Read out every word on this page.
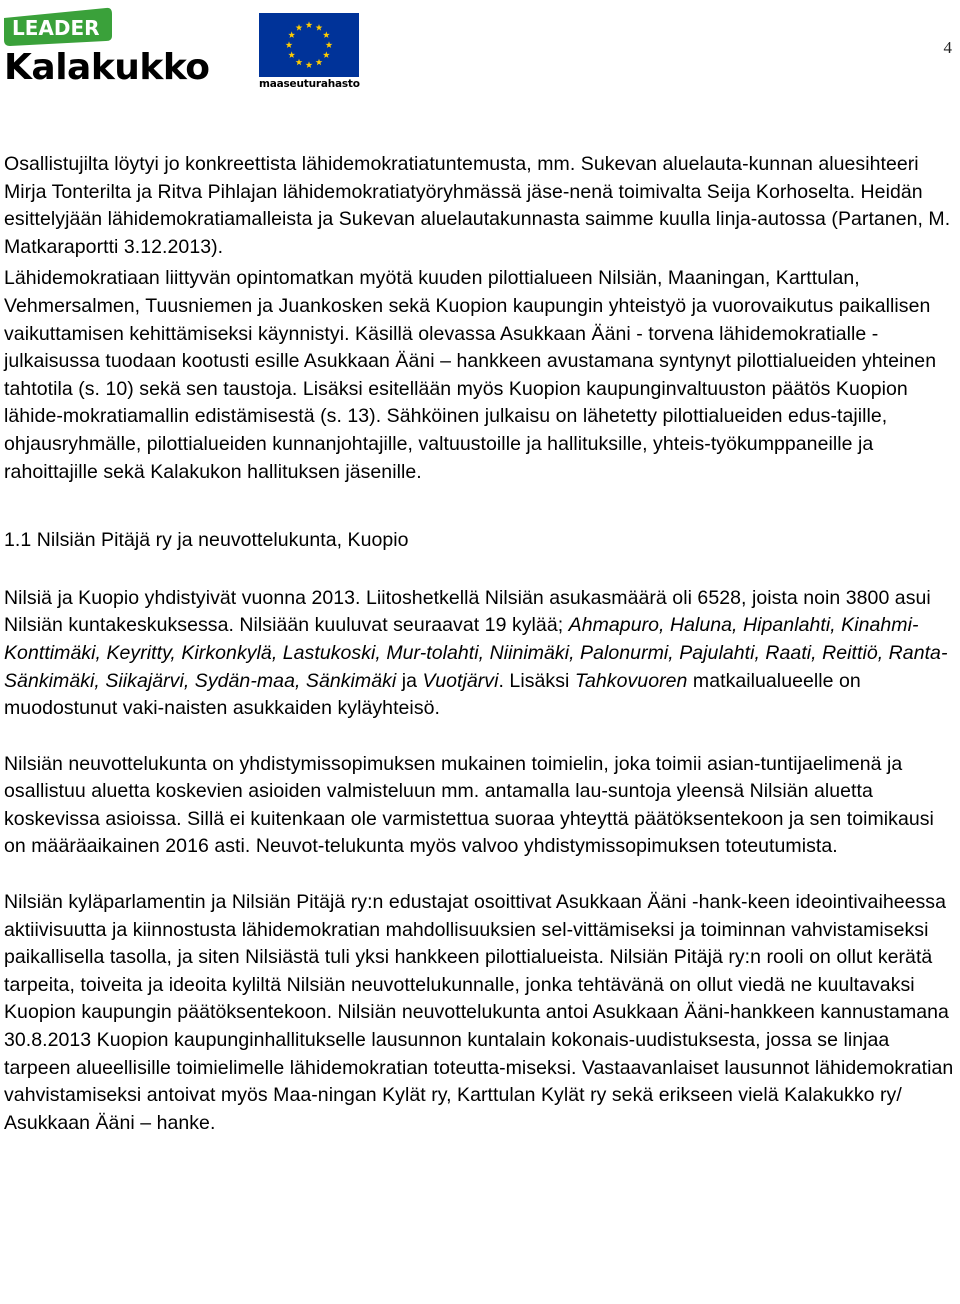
LEADER
Kalakukko	maaseuturahasto
4

Osallistujilta löytyi jo konkreettista lähidemokratiatuntemusta, mm. Sukevan aluelauta-kunnan aluesihteeri Mirja Tonterilta ja Ritva Pihlajan lähidemokratiatyöryhmässä jäse-nenä toimivalta Seija Korhoselta. Heidän esittelyjään lähidemokratiamalleista ja Sukevan aluelautakunnasta saimme kuulla linja-autossa (Partanen, M. Matkaraportti 3.12.2013).

Lähidemokratiaan liittyvän opintomatkan myötä kuuden pilottialueen Nilsiän, Maaningan, Karttulan, Vehmersalmen, Tuusniemen ja Juankosken sekä Kuopion kaupungin yhteistyö ja vuorovaikutus paikallisen vaikuttamisen kehittämiseksi käynnistyi. Käsillä olevassa Asukkaan Ääni - torvena lähidemokratialle - julkaisussa tuodaan kootusti esille Asukkaan Ääni – hankkeen avustamana syntynyt pilottialueiden yhteinen tahtotila (s. 10) sekä sen taustoja. Lisäksi esitellään myös Kuopion kaupunginvaltuuston päätös Kuopion lähide-mokratiamallin edistämisestä (s. 13). Sähköinen julkaisu on lähetetty pilottialueiden edus-tajille, ohjausryhmälle, pilottialueiden kunnanjohtajille, valtuustoille ja hallituksille, yhteis-työkumppaneille ja rahoittajille sekä Kalakukon hallituksen jäsenille.

1.1 Nilsiän Pitäjä ry ja neuvottelukunta, Kuopio

Nilsiä ja Kuopio yhdistyivät vuonna 2013. Liitoshetkellä Nilsiän asukasmäärä oli 6528, joista noin 3800 asui Nilsiän kuntakeskuksessa. Nilsiään kuuluvat seuraavat 19 kylää; Ahmapuro, Haluna, Hipanlahti, Kinahmi-Konttimäki, Keyritty, Kirkonkylä, Lastukoski, Mur-tolahti, Niinimäki, Palonurmi, Pajulahti, Raati, Reittiö, Ranta-Sänkimäki, Siikajärvi, Sydän-maa, Sänkimäki ja Vuotjärvi. Lisäksi Tahkovuoren matkailualueelle on muodostunut vaki-naisten asukkaiden kyläyhteisö.

Nilsiän neuvottelukunta on yhdistymissopimuksen mukainen toimielin, joka toimii asian-tuntijaelimenä ja osallistuu aluetta koskevien asioiden valmisteluun mm. antamalla lau-suntoja yleensä Nilsiän aluetta koskevissa asioissa. Sillä ei kuitenkaan ole varmistettua suoraa yhteyttä päätöksentekoon ja sen toimikausi on määräaikainen 2016 asti. Neuvot-telukunta myös valvoo yhdistymissopimuksen toteutumista.

Nilsiän kyläparlamentin ja Nilsiän Pitäjä ry:n edustajat osoittivat Asukkaan Ääni -hank-keen ideointivaiheessa aktiivisuutta ja kiinnostusta lähidemokratian mahdollisuuksien sel-vittämiseksi ja toiminnan vahvistamiseksi paikallisella tasolla, ja siten Nilsiästä tuli yksi hankkeen pilottialueista. Nilsiän Pitäjä ry:n rooli on ollut kerätä tarpeita, toiveita ja ideoita kyliltä Nilsiän neuvottelukunnalle, jonka tehtävänä on ollut viedä ne kuultavaksi Kuopion kaupungin päätöksentekoon. Nilsiän neuvottelukunta antoi Asukkaan Ääni-hankkeen kannustamana 30.8.2013 Kuopion kaupunginhallitukselle lausunnon kuntalain kokonais-uudistuksesta, jossa se linjaa tarpeen alueellisille toimielimelle lähidemokratian toteutta-miseksi. Vastaavanlaiset lausunnot lähidemokratian vahvistamiseksi antoivat myös Maa-ningan Kylät ry, Karttulan Kylät ry sekä erikseen vielä Kalakukko ry/ Asukkaan Ääni – hanke.
